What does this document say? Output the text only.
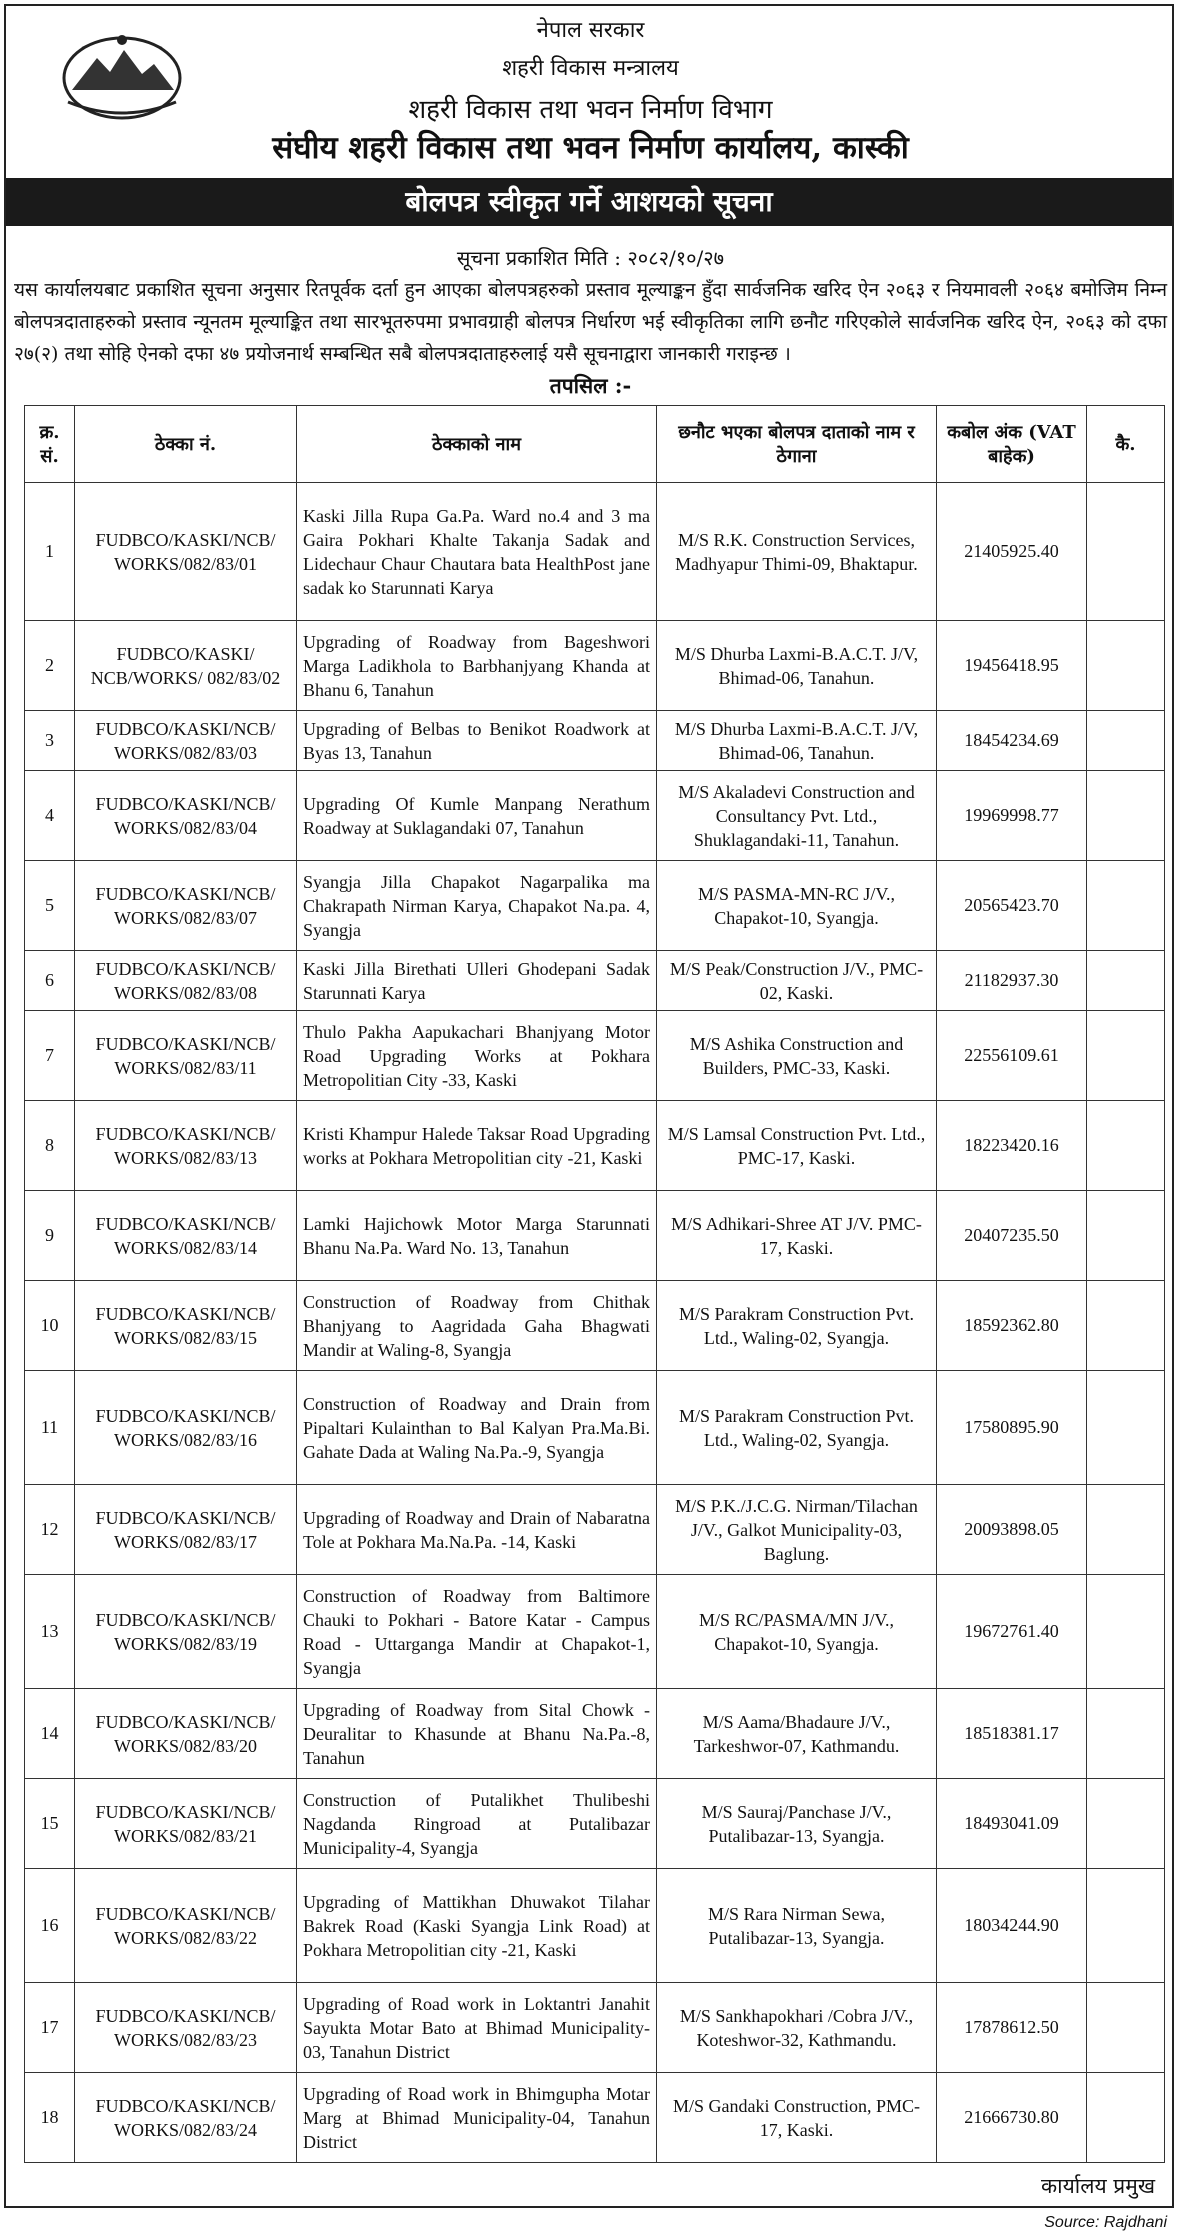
नेपाल सरकार
शहरी विकास मन्त्रालय
शहरी विकास तथा भवन निर्माण विभाग
संघीय शहरी विकास तथा भवन निर्माण कार्यालय, कास्की
बोलपत्र स्वीकृत गर्ने आशयको सूचना
सूचना प्रकाशित मिति : २०८२/१०/२७
यस कार्यालयबाट प्रकाशित सूचना अनुसार रितपूर्वक दर्ता हुन आएका बोलपत्रहरुको प्रस्ताव मूल्याङ्कन हुँदा सार्वजनिक खरिद ऐन २०६३ र नियमावली २०६४ बमोजिम निम्न बोलपत्रदाताहरुको प्रस्ताव न्यूनतम मूल्याङ्कित तथा सारभूतरुपमा प्रभावग्राही बोलपत्र निर्धारण भई स्वीकृतिका लागि छनौट गरिएकोले सार्वजनिक खरिद ऐन, २०६३ को दफा २७(२) तथा सोहि ऐनको दफा ४७ प्रयोजनार्थ सम्बन्धित सबै बोलपत्रदाताहरुलाई यसै सूचनाद्वारा जानकारी गराइन्छ ।
तपसिल :-
क्र. सं.	ठेक्का नं.	ठेक्काको नाम	छनौट भएका बोलपत्र दाताको नाम र ठेगाना	कबोल अंक (VAT बाहेक)	कै.
1	FUDBCO/KASKI/NCB/ WORKS/082/83/01	Kaski Jilla Rupa Ga.Pa. Ward no.4 and 3 ma Gaira Pokhari Khalte Takanja Sadak and Lidechaur Chaur Chautara bata HealthPost jane sadak ko Starunnati Karya	M/S R.K. Construction Services, Madhyapur Thimi-09, Bhaktapur.	21405925.40	
2	FUDBCO/KASKI/ NCB/WORKS/ 082/83/02	Upgrading of Roadway from Bageshwori Marga Ladikhola to Barbhanjyang Khanda at Bhanu 6, Tanahun	M/S Dhurba Laxmi-B.A.C.T. J/V, Bhimad-06, Tanahun.	19456418.95	
3	FUDBCO/KASKI/NCB/ WORKS/082/83/03	Upgrading of Belbas to Benikot Roadwork at Byas 13, Tanahun	M/S Dhurba Laxmi-B.A.C.T. J/V, Bhimad-06, Tanahun.	18454234.69	
4	FUDBCO/KASKI/NCB/ WORKS/082/83/04	Upgrading Of Kumle Manpang Nerathum Roadway at Suklagandaki 07, Tanahun	M/S Akaladevi Construction and Consultancy Pvt. Ltd., Shuklagandaki-11, Tanahun.	19969998.77	
5	FUDBCO/KASKI/NCB/ WORKS/082/83/07	Syangja Jilla Chapakot Nagarpalika ma Chakrapath Nirman Karya, Chapakot Na.pa. 4, Syangja	M/S PASMA-MN-RC J/V., Chapakot-10, Syangja.	20565423.70	
6	FUDBCO/KASKI/NCB/ WORKS/082/83/08	Kaski Jilla Birethati Ulleri Ghodepani Sadak Starunnati Karya	M/S Peak/Construction J/V., PMC-02, Kaski.	21182937.30	
7	FUDBCO/KASKI/NCB/ WORKS/082/83/11	Thulo Pakha Aapukachari Bhanjyang Motor Road Upgrading Works at Pokhara Metropolitian City -33, Kaski	M/S Ashika Construction and Builders, PMC-33, Kaski.	22556109.61	
8	FUDBCO/KASKI/NCB/ WORKS/082/83/13	Kristi Khampur Halede Taksar Road Upgrading works at Pokhara Metropolitian city -21, Kaski	M/S Lamsal Construction Pvt. Ltd., PMC-17, Kaski.	18223420.16	
9	FUDBCO/KASKI/NCB/ WORKS/082/83/14	Lamki Hajichowk Motor Marga Starunnati Bhanu Na.Pa. Ward No. 13, Tanahun	M/S Adhikari-Shree AT J/V. PMC-17, Kaski.	20407235.50	
10	FUDBCO/KASKI/NCB/ WORKS/082/83/15	Construction of Roadway from Chithak Bhanjyang to Aagridada Gaha Bhagwati Mandir at Waling-8, Syangja	M/S Parakram Construction Pvt. Ltd., Waling-02, Syangja.	18592362.80	
11	FUDBCO/KASKI/NCB/ WORKS/082/83/16	Construction of Roadway and Drain from Pipaltari Kulainthan to Bal Kalyan Pra.Ma.Bi. Gahate Dada at Waling Na.Pa.-9, Syangja	M/S Parakram Construction Pvt. Ltd., Waling-02, Syangja.	17580895.90	
12	FUDBCO/KASKI/NCB/ WORKS/082/83/17	Upgrading of Roadway and Drain of Nabaratna Tole at Pokhara Ma.Na.Pa. -14, Kaski	M/S P.K./J.C.G. Nirman/Tilachan J/V., Galkot Municipality-03, Baglung.	20093898.05	
13	FUDBCO/KASKI/NCB/ WORKS/082/83/19	Construction of Roadway from Baltimore Chauki to Pokhari - Batore Katar - Campus Road - Uttarganga Mandir at Chapakot-1, Syangja	M/S RC/PASMA/MN J/V., Chapakot-10, Syangja.	19672761.40	
14	FUDBCO/KASKI/NCB/ WORKS/082/83/20	Upgrading of Roadway from Sital Chowk - Deuralitar to Khasunde at Bhanu Na.Pa.-8, Tanahun	M/S Aama/Bhadaure J/V., Tarkeshwor-07, Kathmandu.	18518381.17	
15	FUDBCO/KASKI/NCB/ WORKS/082/83/21	Construction of Putalikhet Thulibeshi Nagdanda Ringroad at Putalibazar Municipality-4, Syangja	M/S Sauraj/Panchase J/V., Putalibazar-13, Syangja.	18493041.09	
16	FUDBCO/KASKI/NCB/ WORKS/082/83/22	Upgrading of Mattikhan Dhuwakot Tilahar Bakrek Road (Kaski Syangja Link Road) at Pokhara Metropolitian city -21, Kaski	M/S Rara Nirman Sewa, Putalibazar-13, Syangja.	18034244.90	
17	FUDBCO/KASKI/NCB/ WORKS/082/83/23	Upgrading of Road work in Loktantri Janahit Sayukta Motar Bato at Bhimad Municipality-03, Tanahun District	M/S Sankhapokhari /Cobra J/V., Koteshwor-32, Kathmandu.	17878612.50	
18	FUDBCO/KASKI/NCB/ WORKS/082/83/24	Upgrading of Road work in Bhimgupha Motar Marg at Bhimad Municipality-04, Tanahun District	M/S Gandaki Construction, PMC-17, Kaski.	21666730.80	
कार्यालय प्रमुख
Source: Rajdhani
